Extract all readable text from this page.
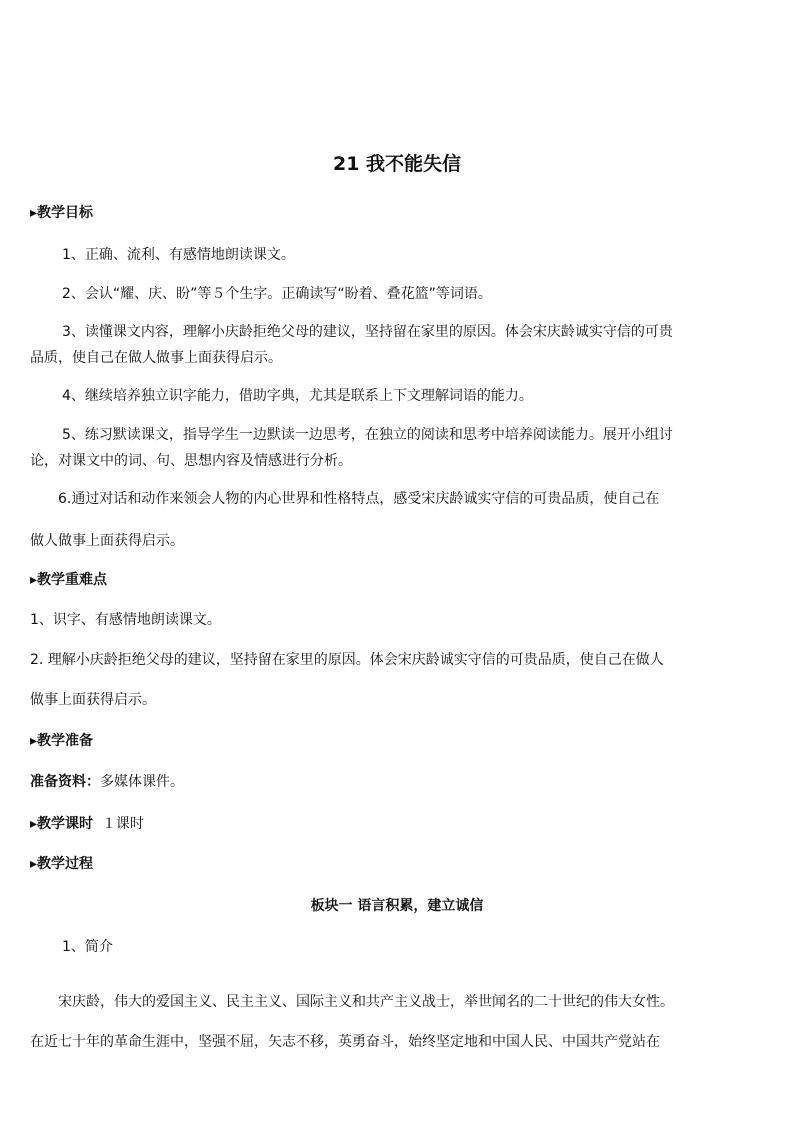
21 我不能失信
▸教学目标
1、正确、流利、有感情地朗读课文。
2、会认“耀、庆、盼”等５个生字。正确读写“盼着、叠花篮”等词语。
3、读懂课文内容，理解小庆龄拒绝父母的建议，坚持留在家里的原因。体会宋庆龄诚实守信的可贵
品质，使自己在做人做事上面获得启示。
4、继续培养独立识字能力，借助字典，尤其是联系上下文理解词语的能力。
5、练习默读课文，指导学生一边默读一边思考，在独立的阅读和思考中培养阅读能力。展开小组讨
论，对课文中的词、句、思想内容及情感进行分析。
6.通过对话和动作来领会人物的内心世界和性格特点，感受宋庆龄诚实守信的可贵品质，使自己在
做人做事上面获得启示。
▸教学重难点
1、识字、有感情地朗读课文。
2. 理解小庆龄拒绝父母的建议，坚持留在家里的原因。体会宋庆龄诚实守信的可贵品质，使自己在做人
做事上面获得启示。
▸教学准备
准备资料：多媒体课件。
▸教学课时 １课时
▸教学过程
板块一 语言积累，建立诚信
1、简介
宋庆龄，伟大的爱国主义、民主主义、国际主义和共产主义战士，举世闻名的二十世纪的伟大女性。
在近七十年的革命生涯中，坚强不屈，矢志不移，英勇奋斗，始终坚定地和中国人民、中国共产党站在
